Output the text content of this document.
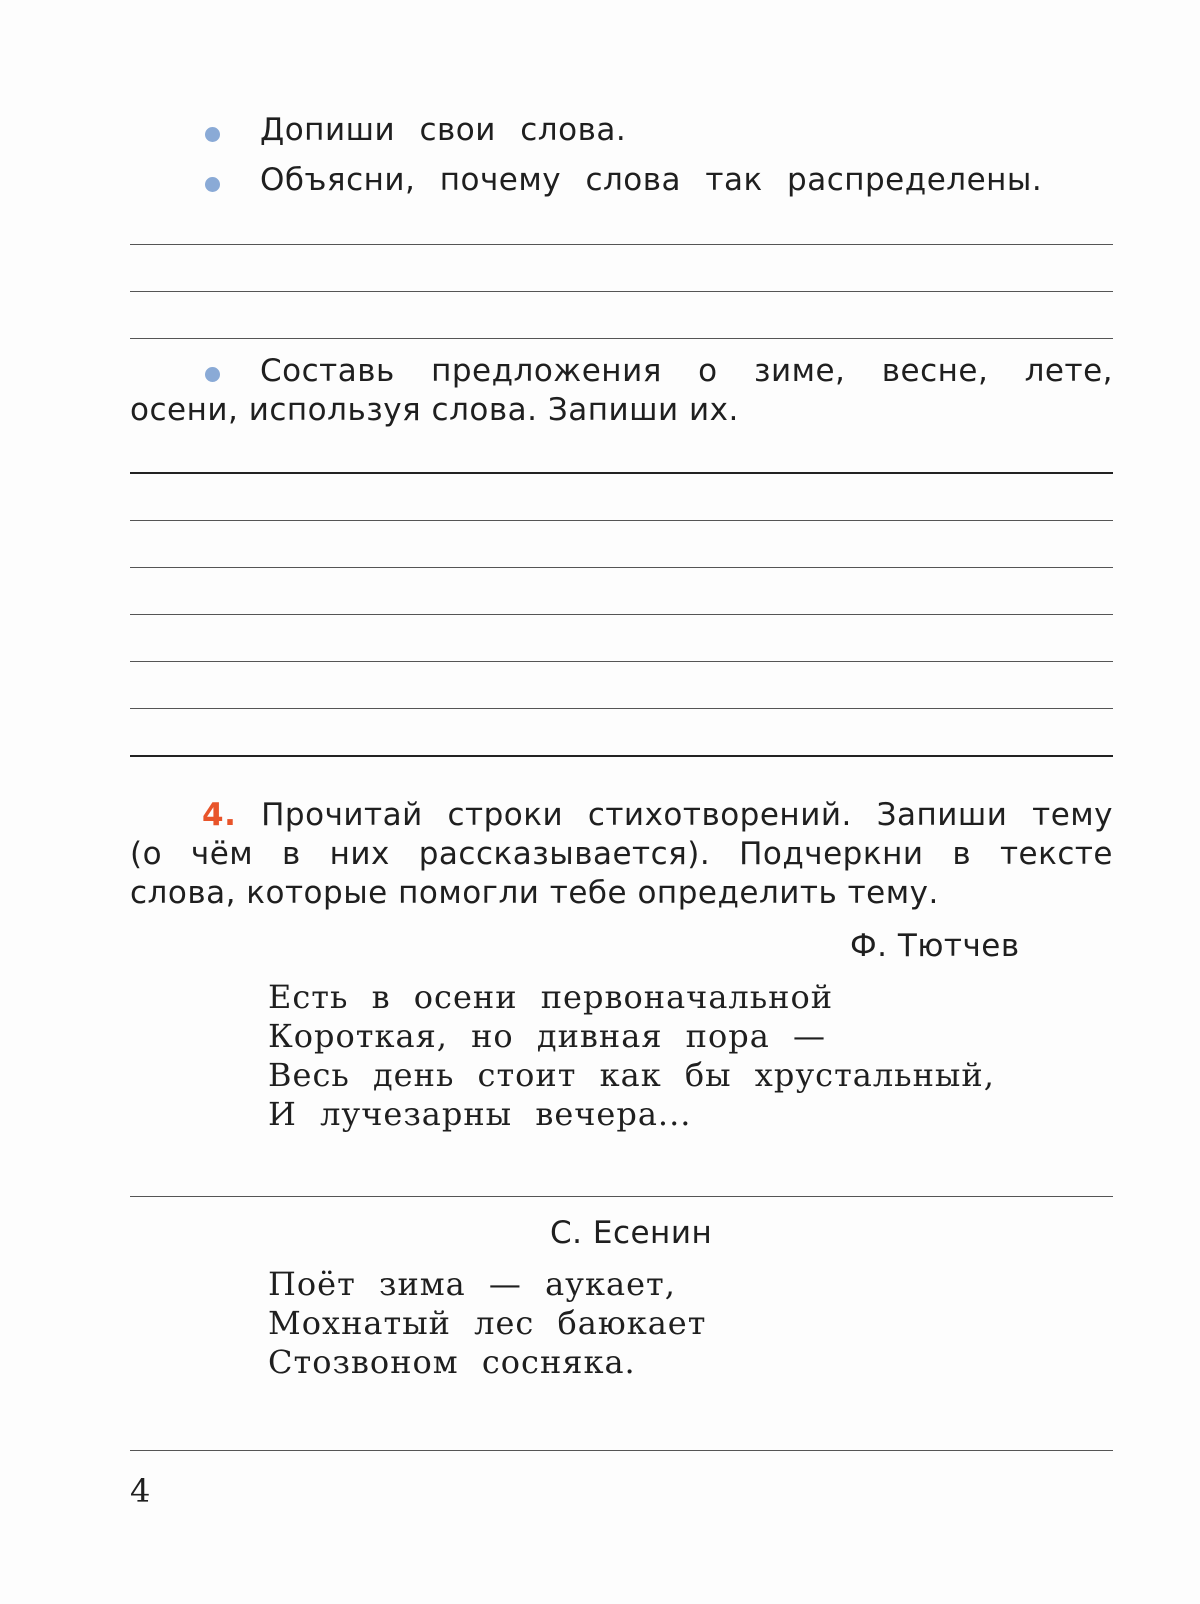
Допиши свои слова.
Объясни, почему слова так распределены.
Составь предложения о зиме, весне, лете,
осени, используя слова. Запиши их.
4. Прочитай строки стихотворений. Запиши тему
(о чём в них рассказывается). Подчеркни в тексте
слова, которые помогли тебе определить тему.
Ф. Тютчев
Есть в осени первоначальной
Короткая, но дивная пора —
Весь день стоит как бы хрустальный,
И лучезарны вечера...
С. Есенин
Поёт зима — аукает,
Мохнатый лес баюкает
Стозвоном сосняка.
4
